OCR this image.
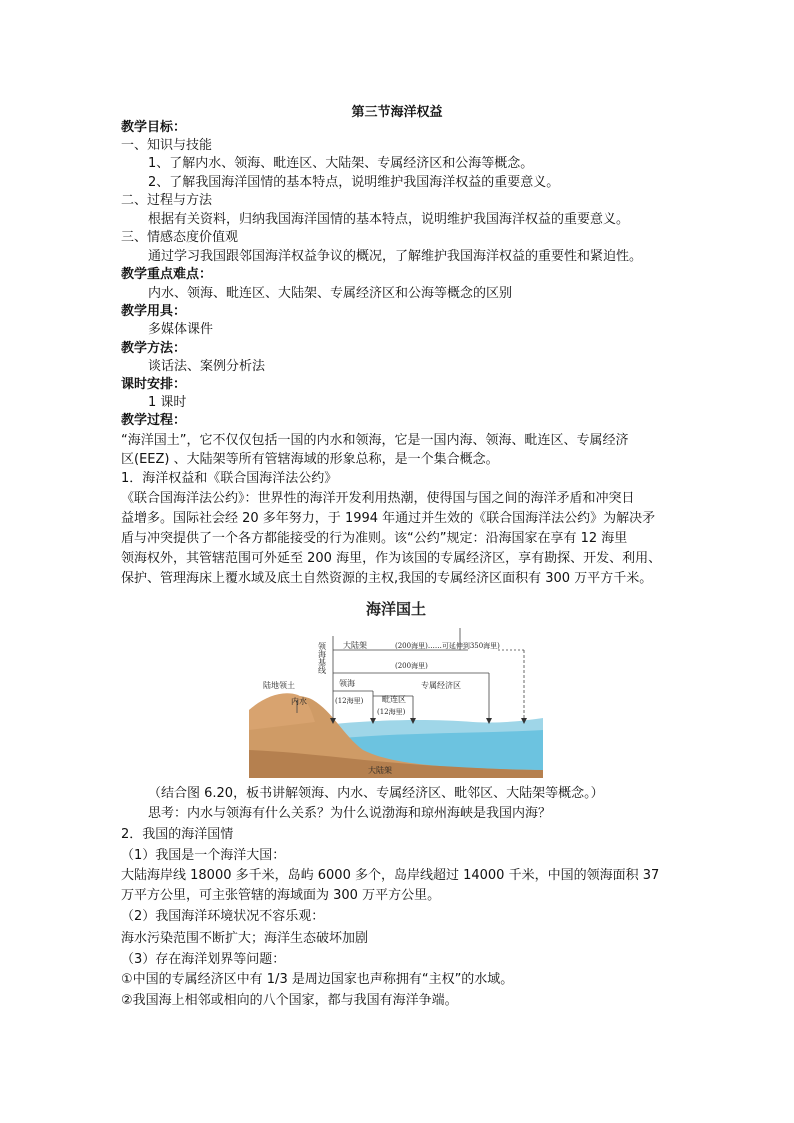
第三节海洋权益
教学目标：
一、知识与技能
1、了解内水、领海、毗连区、大陆架、专属经济区和公海等概念。
2、了解我国海洋国情的基本特点，说明维护我国海洋权益的重要意义。
二、过程与方法
根据有关资料，归纳我国海洋国情的基本特点，说明维护我国海洋权益的重要意义。
三、情感态度价值观
通过学习我国跟邻国海洋权益争议的概况，了解维护我国海洋权益的重要性和紧迫性。
教学重点难点：
内水、领海、毗连区、大陆架、专属经济区和公海等概念的区别
教学用具：
多媒体课件
教学方法：
谈话法、案例分析法
课时安排：
1 课时
教学过程：
“海洋国土”，它不仅仅包括一国的内水和领海，它是一国内海、领海、毗连区、专属经济
区(EEZ) 、大陆架等所有管辖海域的形象总称，是一个集合概念。
1．海洋权益和《联合国海洋法公约》
《联合国海洋法公约》：世界性的海洋开发利用热潮，使得国与国之间的海洋矛盾和冲突日
益增多。国际社会经 20 多年努力，于 1994 年通过并生效的《联合国海洋法公约》为解决矛
盾与冲突提供了一个各方都能接受的行为准则。该“公约”规定：沿海国家在享有 12 海里
领海权外，其管辖范围可外延至 200 海里，作为该国的专属经济区，享有勘探、开发、利用、
保护、管理海床上覆水域及底土自然资源的主权,我国的专属经济区面积有 300 万平方千米。
海洋国土
陆地领土
内水
大陆架	(200海里)……可延伸到350海里)
(200海里)
领海
(12海里) 毗连区
(12海里)
专属经济区
大陆架
领海基线
（结合图 6.20，板书讲解领海、内水、专属经济区、毗邻区、大陆架等概念。）
思考：内水与领海有什么关系？为什么说渤海和琼州海峡是我国内海？
2．我国的海洋国情
（1）我国是一个海洋大国：
大陆海岸线 18000 多千米，岛屿 6000 多个，岛岸线超过 14000 千米，中国的领海面积 37
万平方公里，可主张管辖的海域面为 300 万平方公里。
（2）我国海洋环境状况不容乐观：
海水污染范围不断扩大；海洋生态破坏加剧
（3）存在海洋划界等问题：
①中国的专属经济区中有 1/3 是周边国家也声称拥有“主权”的水域。
②我国海上相邻或相向的八个国家，都与我国有海洋争端。
